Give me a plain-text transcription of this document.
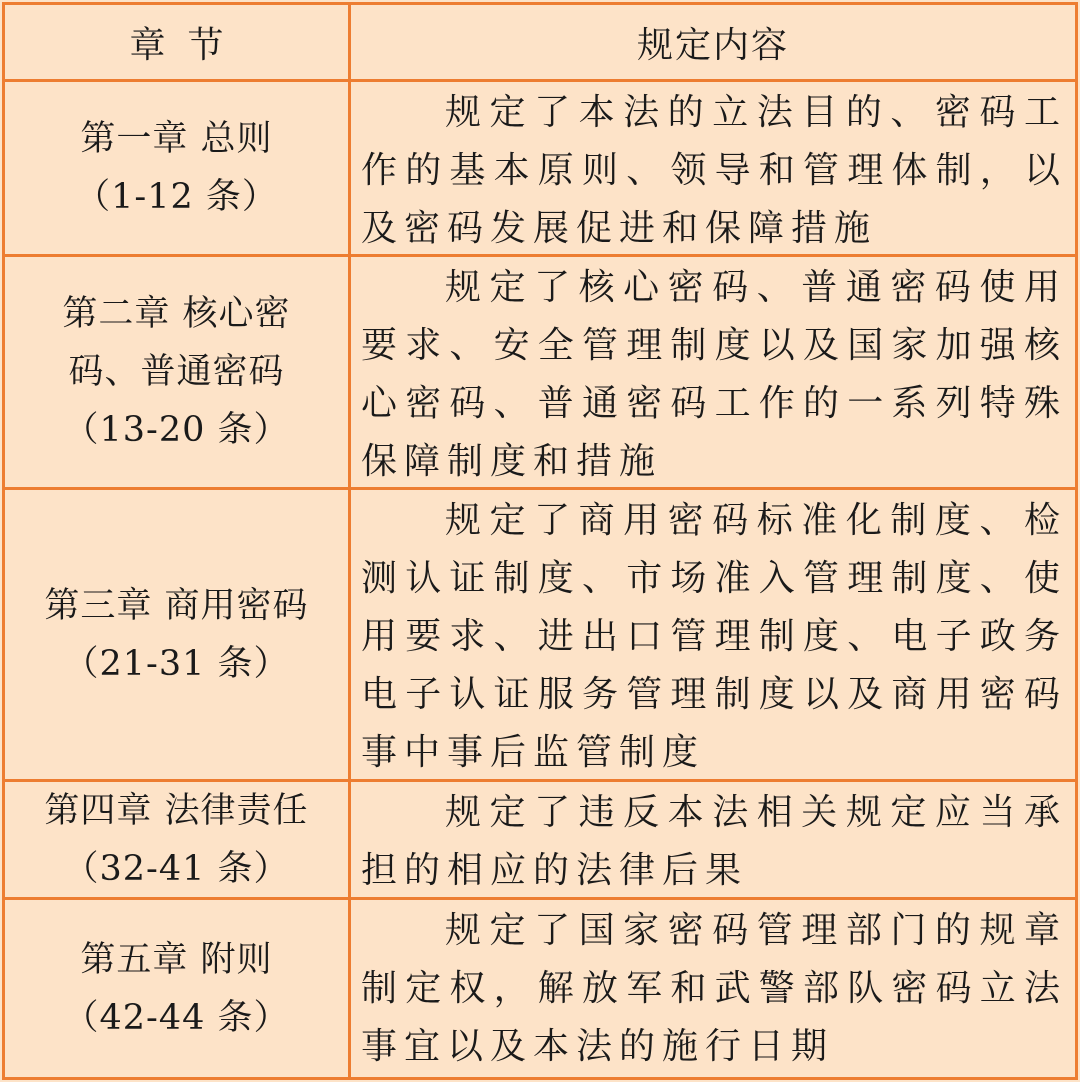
章节	规定内容
第一章 总则
（1-12 条）
规定了本法的立法目的、密码工作的基本原则、领导和管理体制，以及密码发展促进和保障措施
第二章 核心密
码、普通密码
（13-20 条）
规定了核心密码、普通密码使用要求、安全管理制度以及国家加强核心密码、普通密码工作的一系列特殊保障制度和措施
第三章 商用密码
（21-31 条）
规定了商用密码标准化制度、检测认证制度、市场准入管理制度、使用要求、进出口管理制度、电子政务电子认证服务管理制度以及商用密码事中事后监管制度
第四章 法律责任
（32-41 条）
规定了违反本法相关规定应当承担的相应的法律后果
第五章 附则
（42-44 条）
规定了国家密码管理部门的规章制定权，解放军和武警部队密码立法事宜以及本法的施行日期
